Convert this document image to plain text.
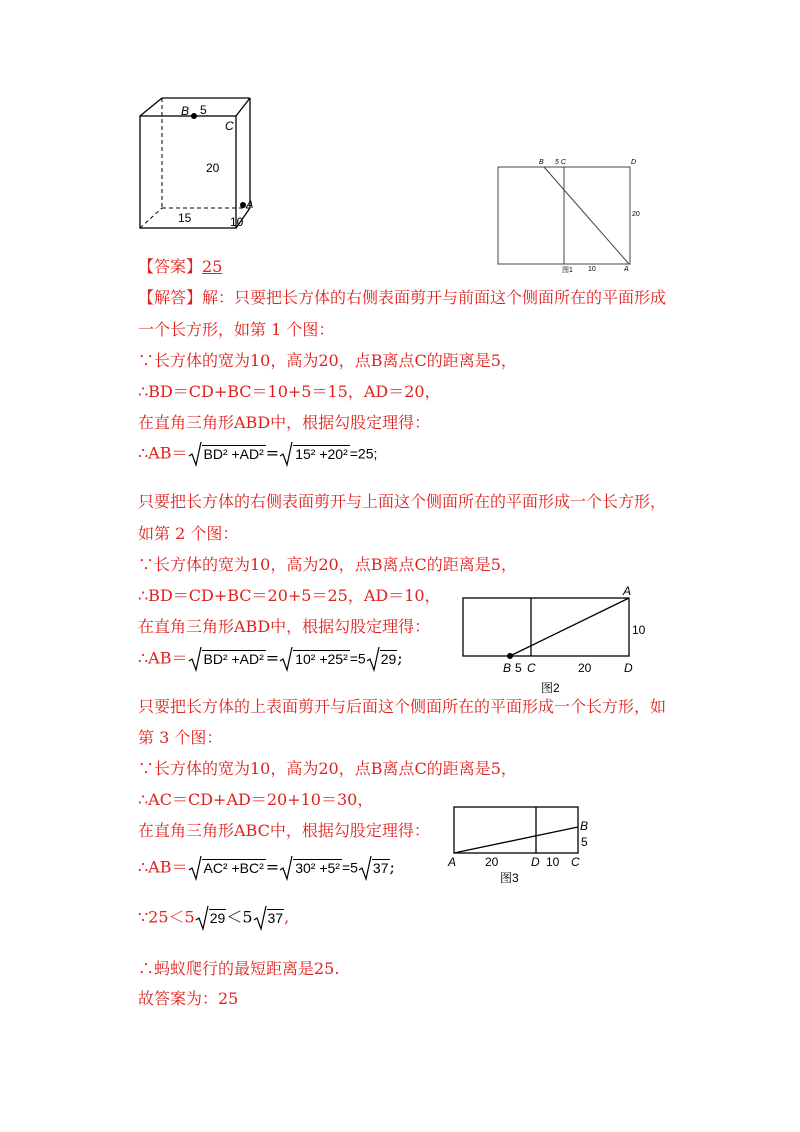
B 5
C
20
A
15	10
B 5 C	D
20
图1 10	A
【答案】25
【解答】解：只要把长方体的右侧表面剪开与前面这个侧面所在的平面形成
一个长方形，如第 1 个图：
∵长方体的宽为10，高为20，点B离点C的距离是5，
∴BD＝CD+BC＝10+5＝15，AD＝20，
在直角三角形ABD中，根据勾股定理得：
∴AB＝ BD² +AD² = 15² +20² =25;
只要把长方体的右侧表面剪开与上面这个侧面所在的平面形成一个长方形，
如第 2 个图：
∵长方体的宽为10，高为20，点B离点C的距离是5，
∴BD＝CD+BC＝20+5＝25，AD＝10，
在直角三角形ABD中，根据勾股定理得：
∴AB＝ BD² +AD² = 10² +25² =5 29;
A
10
B 5 C	20	D
图2
只要把长方体的上表面剪开与后面这个侧面所在的平面形成一个长方形，如
第 3 个图：
∵长方体的宽为10，高为20，点B离点C的距离是5，
∴AC＝CD+AD＝20+10＝30，
在直角三角形ABC中，根据勾股定理得：
∴AB＝ AC² +BC² = 30² +5² =5 37;
B
5
A 20	D 10 C
图3
∵25＜5 29＜5 37,
∴蚂蚁爬行的最短距离是25.
故答案为：25
